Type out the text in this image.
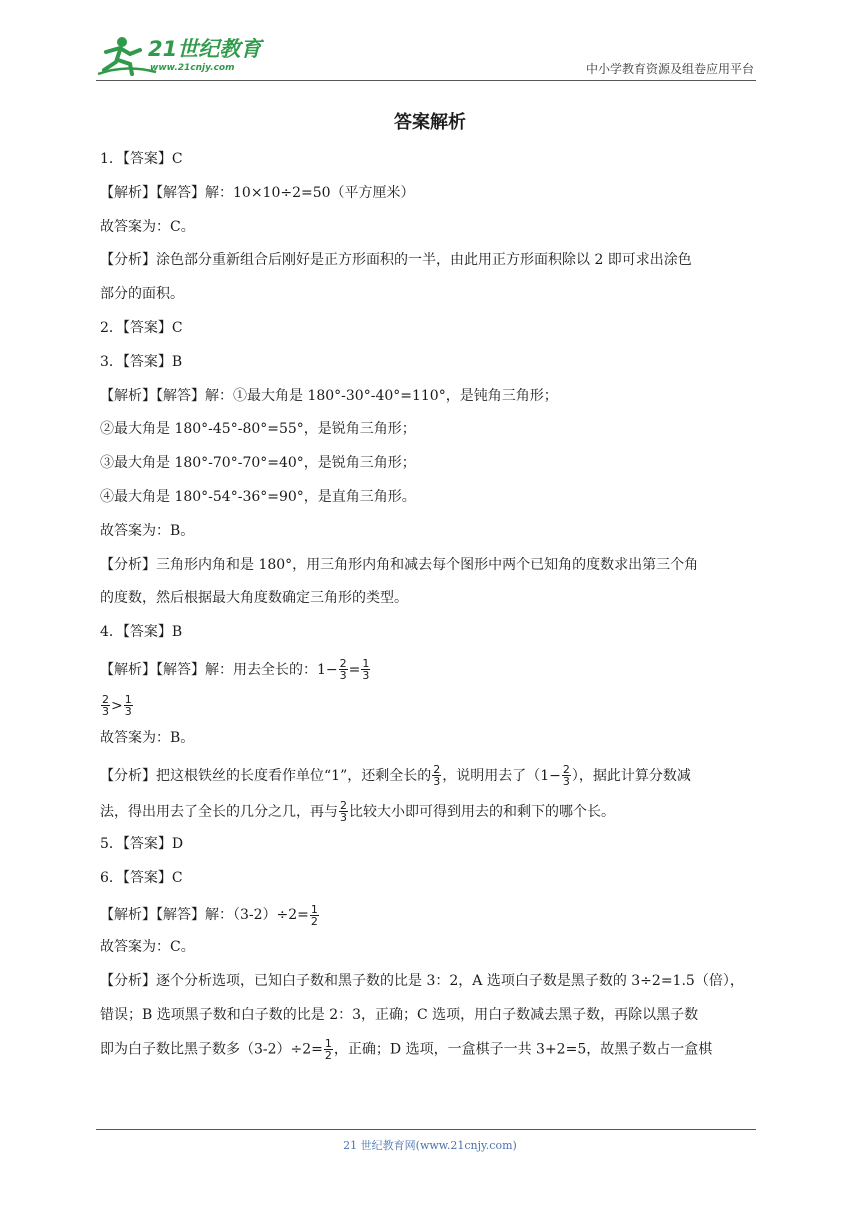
21世纪教育
www.21cnjy.com	中小学教育资源及组卷应用平台
答案解析
1．【答案】C
【解析】【解答】解：10×10÷2=50（平方厘米）
故答案为：C。
【分析】涂色部分重新组合后刚好是正方形面积的一半，由此用正方形面积除以 2 即可求出涂色
部分的面积。
2．【答案】C
3．【答案】B
【解析】【解答】解：①最大角是 180°-30°-40°=110°，是钝角三角形；
②最大角是 180°-45°-80°=55°，是锐角三角形；
③最大角是 180°-70°-70°=40°，是锐角三角形；
④最大角是 180°-54°-36°=90°，是直角三角形。
故答案为：B。
【分析】三角形内角和是 180°，用三角形内角和减去每个图形中两个已知角的度数求出第三个角
的度数，然后根据最大角度数确定三角形的类型。
4．【答案】B
【解析】【解答】解：用去全长的：$1- \frac{2}{3} = \frac{1}{3}$
$\frac{2}{3} > \frac{1}{3}$
故答案为：B。
【分析】把这根铁丝的长度看作单位“1”，还剩全长的 $\frac{2}{3}$ ，说明用去了（$1- \frac{2}{3}$ ），据此计算分数减
法，得出用去了全长的几分之几，再与 $\frac{2}{3}$ 比较大小即可得到用去的和剩下的哪个长。
5．【答案】D
6．【答案】C
【解析】【解答】解：$(3-2)\div 2= \frac{1}{2}$
故答案为：C。
【分析】逐个分析选项，已知白子数和黑子数的比是 3：2，A 选项白子数是黑子数的 3÷2=1.5（倍），
错误；B 选项黑子数和白子数的比是 2：3，正确；C 选项，用白子数减去黑子数，再除以黑子数
即为白子数比黑子数多$(3-2)\div 2= \frac{1}{2}$ ，正确；D 选项，一盒棋子一共 3+2=5，故黑子数占一盒棋
21 世纪教育网(www.21cnjy.com)
